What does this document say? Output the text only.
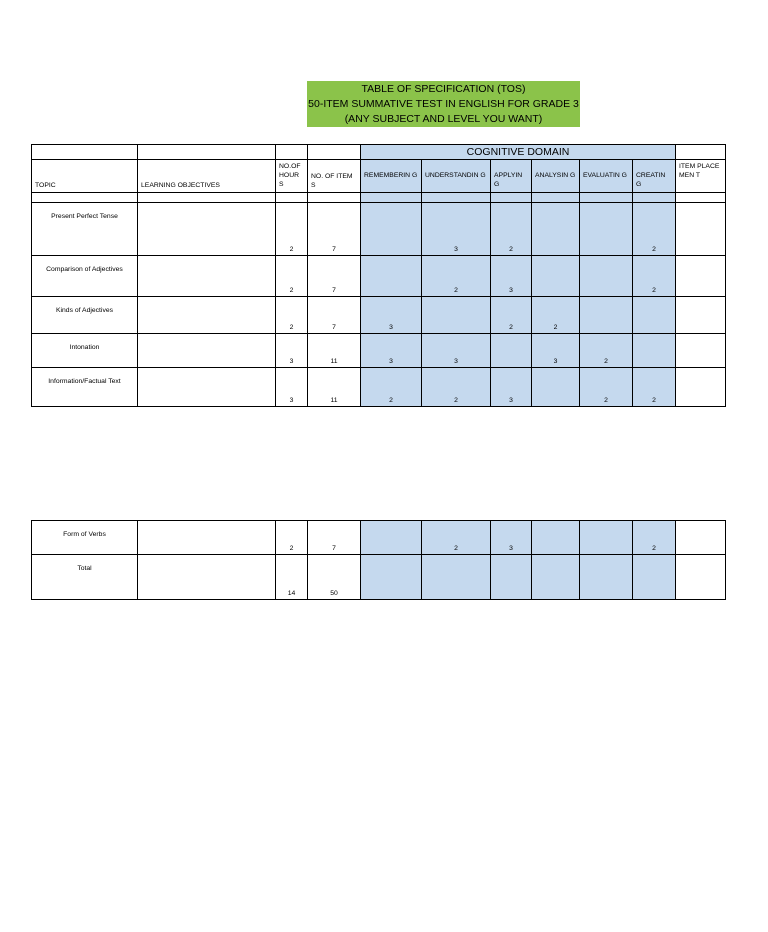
TABLE OF SPECIFICATION (TOS)
50-ITEM SUMMATIVE TEST IN ENGLISH FOR GRADE 3
(ANY SUBJECT AND LEVEL YOU WANT)
				COGNITIVE DOMAIN						
TOPIC	LEARNING OBJECTIVES	NO.OF HOUR S	NO. OF ITEMS	REMEMBERIN G	UNDERSTANDIN G	APPLYIN G	ANALYSIN G	EVALUATIN G	CREATIN G	ITEM PLACEMEN T

Present Perfect Tense		2	7		3	2			2	
Comparison of Adjectives		2	7		2	3			2	
Kinds of Adjectives		2	7	3		2	2			
Intonation		3	11	3	3		3	2		
Information/Factual Text		3	11	2	2	3		2	2	
Form of Verbs		2	7		2	3			2	
Total		14	50							
